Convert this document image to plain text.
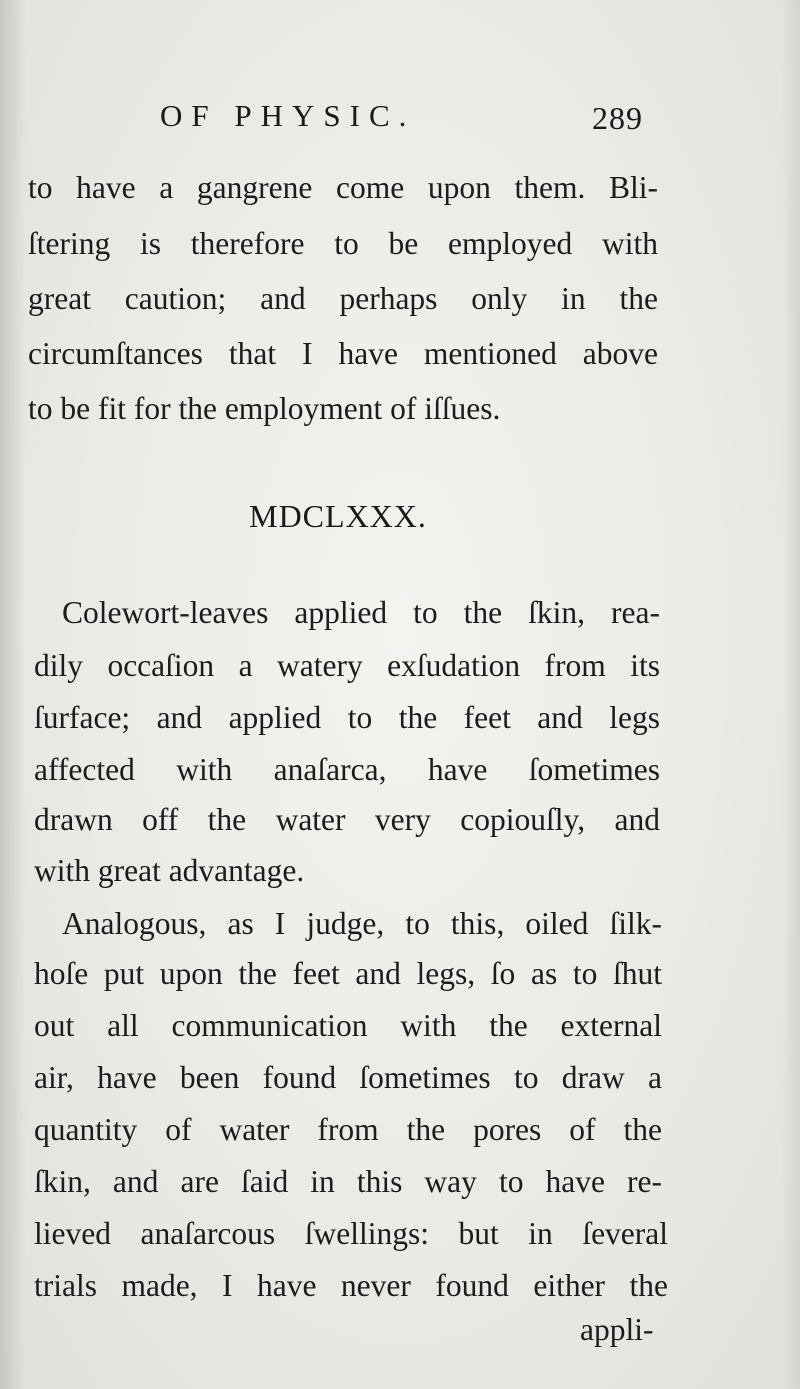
OF PHYSIC.	289
to have a gangrene come upon them. Bli-
ſtering is therefore to be employed with
great caution; and perhaps only in the
circumſtances that I have mentioned above
to be fit for the employment of iſſues.
MDCLXXX.
Colewort-leaves applied to the ſkin, rea-
dily occaſion a watery exſudation from its
ſurface; and applied to the feet and legs
affected with anaſarca, have ſometimes
drawn off the water very copiouſly, and
with great advantage.
Analogous, as I judge, to this, oiled ſilk-
hoſe put upon the feet and legs, ſo as to ſhut
out all communication with the external
air, have been found ſometimes to draw a
quantity of water from the pores of the
ſkin, and are ſaid in this way to have re-
lieved anaſarcous ſwellings: but in ſeveral
trials made, I have never found either the
appli-
